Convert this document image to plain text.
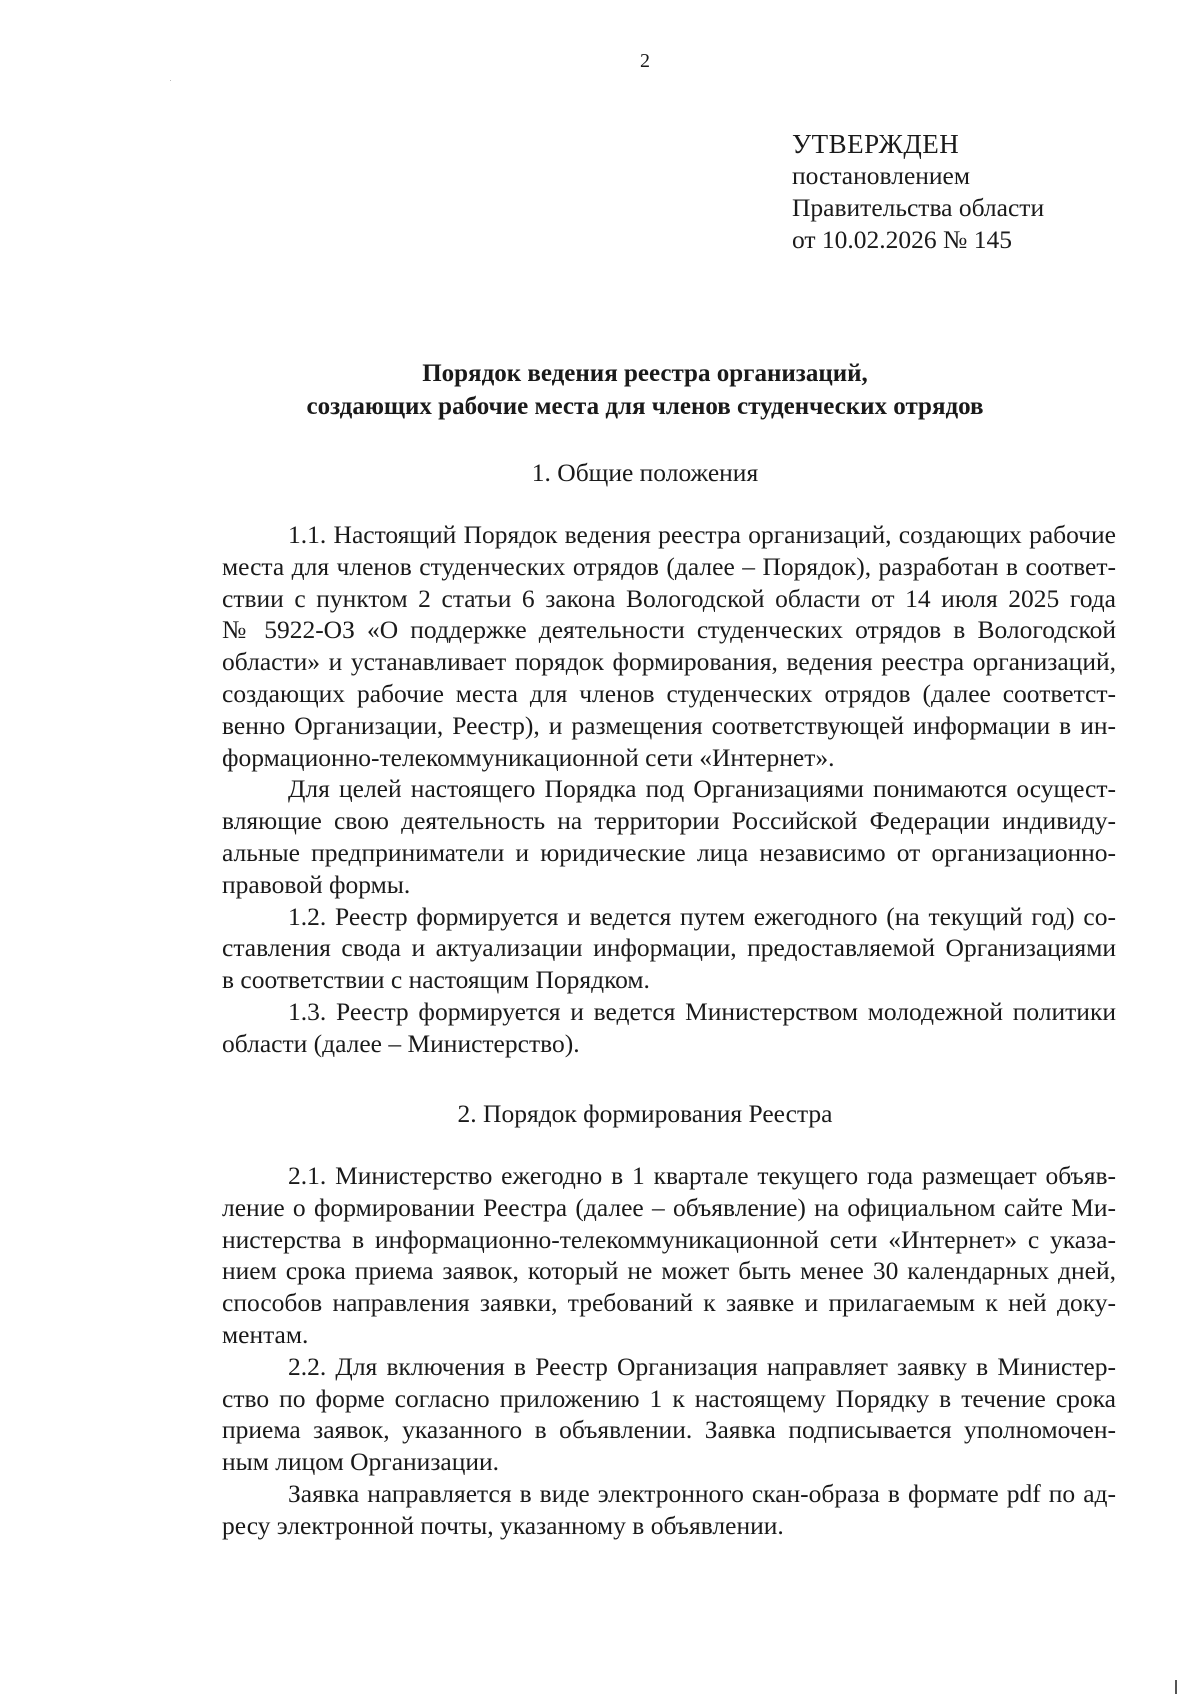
2
УТВЕРЖДЕН
постановлением
Правительства области
от 10.02.2026 № 145
Порядок ведения реестра организаций,
создающих рабочие места для членов студенческих отрядов
1. Общие положения

1.1. Настоящий Порядок ведения реестра организаций, создающих рабочие
места для членов студенческих отрядов (далее – Порядок), разработан в соответ-
ствии с пунктом 2 статьи 6 закона Вологодской области от 14 июля 2025 года
№ 5922-ОЗ «О поддержке деятельности студенческих отрядов в Вологодской
области» и устанавливает порядок формирования, ведения реестра организаций,
создающих рабочие места для членов студенческих отрядов (далее соответст-
венно Организации, Реестр), и размещения соответствующей информации в ин-
формационно-телекоммуникационной сети «Интернет».

Для целей настоящего Порядка под Организациями понимаются осущест-
вляющие свою деятельность на территории Российской Федерации индивиду-
альные предприниматели и юридические лица независимо от организационно-
правовой формы.

1.2. Реестр формируется и ведется путем ежегодного (на текущий год) со-
ставления свода и актуализации информации, предоставляемой Организациями
в соответствии с настоящим Порядком.

1.3. Реестр формируется и ведется Министерством молодежной политики
области (далее – Министерство).

2. Порядок формирования Реестра

2.1. Министерство ежегодно в 1 квартале текущего года размещает объяв-
ление о формировании Реестра (далее – объявление) на официальном сайте Ми-
нистерства в информационно-телекоммуникационной сети «Интернет» с указа-
нием срока приема заявок, который не может быть менее 30 календарных дней,
способов направления заявки, требований к заявке и прилагаемым к ней доку-
ментам.

2.2. Для включения в Реестр Организация направляет заявку в Министер-
ство по форме согласно приложению 1 к настоящему Порядку в течение срока
приема заявок, указанного в объявлении. Заявка подписывается уполномочен-
ным лицом Организации.

Заявка направляется в виде электронного скан-образа в формате pdf по ад-
ресу электронной почты, указанному в объявлении.
